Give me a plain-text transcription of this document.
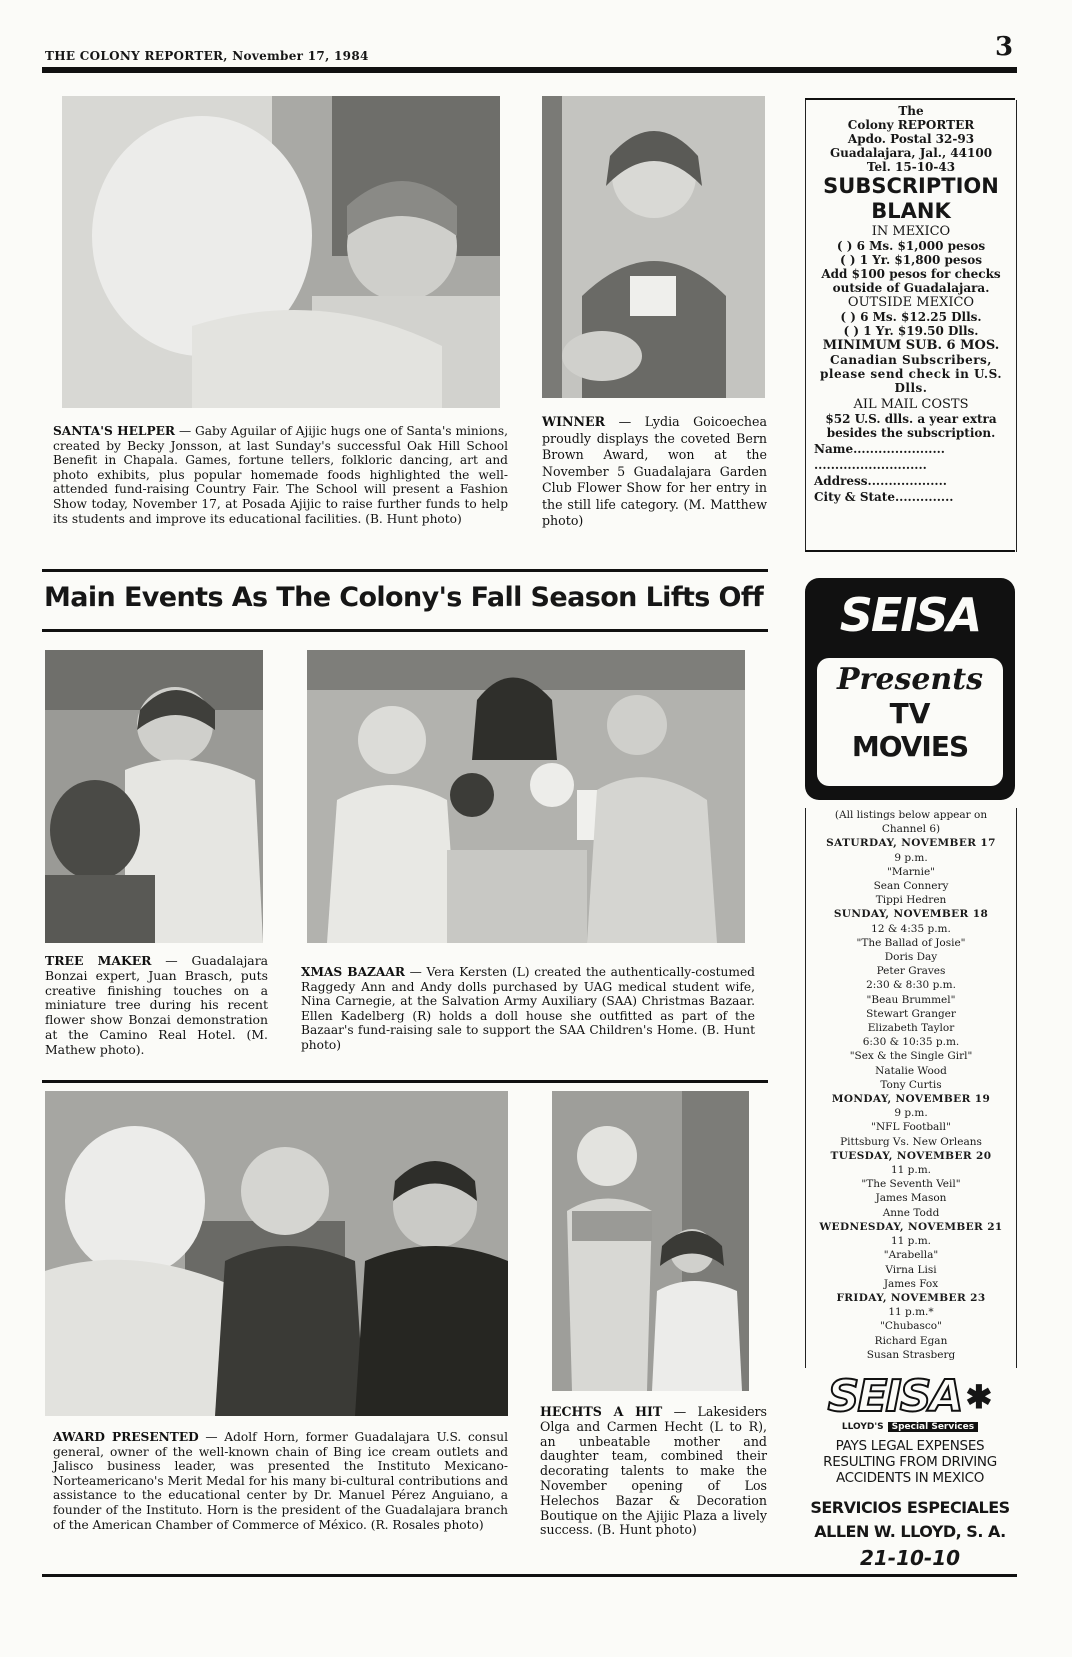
THE COLONY REPORTER, November 17, 1984	3
SANTA'S HELPER — Gaby Aguilar of Ajijic hugs one of Santa's minions, created by Becky Jonsson, at last Sunday's successful Oak Hill School Benefit in Chapala. Games, fortune tellers, folkloric dancing, art and photo exhibits, plus popular homemade foods highlighted the well-attended fund-raising Country Fair. The School will present a Fashion Show today, November 17, at Posada Ajijic to raise further funds to help its students and improve its educational facilities. (B. Hunt photo)
WINNER — Lydia Goicoechea proudly displays the coveted Bern Brown Award, won at the November 5 Guadalajara Garden Club Flower Show for her entry in the still life category. (M. Matthew photo)
Main Events As The Colony's Fall Season Lifts Off
TREE MAKER — Guadalajara Bonzai expert, Juan Brasch, puts creative finishing touches on a miniature tree during his recent flower show Bonzai demonstration at the Camino Real Hotel. (M. Mathew photo).
XMAS BAZAAR — Vera Kersten (L) created the authentically-costumed Raggedy Ann and Andy dolls purchased by UAG medical student wife, Nina Carnegie, at the Salvation Army Auxiliary (SAA) Christmas Bazaar. Ellen Kadelberg (R) holds a doll house she outfitted as part of the Bazaar's fund-raising sale to support the SAA Children's Home. (B. Hunt photo)
AWARD PRESENTED — Adolf Horn, former Guadalajara U.S. consul general, owner of the well-known chain of Bing ice cream outlets and Jalisco business leader, was presented the Instituto Mexicano-Norteamericano's Merit Medal for his many bi-cultural contributions and assistance to the educational center by Dr. Manuel Pérez Anguiano, a founder of the Instituto. Horn is the president of the Guadalajara branch of the American Chamber of Commerce of México. (R. Rosales photo)
HECHTS A HIT — Lakesiders Olga and Carmen Hecht (L to R), an unbeatable mother and daughter team, combined their decorating talents to make the November opening of Los Helechos Bazar & Decoration Boutique on the Ajijic Plaza a lively success. (B. Hunt photo)
The
Colony REPORTER
Apdo. Postal 32-93
Guadalajara, Jal., 44100
Tel. 15-10-43
SUBSCRIPTION
BLANK
IN MEXICO
( ) 6 Ms. $1,000 pesos
( ) 1 Yr. $1,800 pesos
Add $100 pesos for checks outside of Guadalajara.
OUTSIDE MEXICO
( ) 6 Ms. $12.25 Dlls.
( ) 1 Yr. $19.50 Dlls.
MINIMUM SUB. 6 MOS.
Canadian Subscribers, please send check in U.S. Dlls.
AIL MAIL COSTS
$52 U.S. dlls. a year extra besides the subscription.
Name......................
...........................
Address...................
City & State..............
SEISA
Presents
TV
MOVIES
(All listings below appear on
Channel 6)
SATURDAY, NOVEMBER 17
9 p.m.
"Marnie"
Sean Connery
Tippi Hedren
SUNDAY, NOVEMBER 18
12 & 4:35 p.m.
"The Ballad of Josie"
Doris Day
Peter Graves
2:30 & 8:30 p.m.
"Beau Brummel"
Stewart Granger
Elizabeth Taylor
6:30 & 10:35 p.m.
"Sex & the Single Girl"
Natalie Wood
Tony Curtis
MONDAY, NOVEMBER 19
9 p.m.
"NFL Football"
Pittsburg Vs. New Orleans
TUESDAY, NOVEMBER 20
11 p.m.
"The Seventh Veil"
James Mason
Anne Todd
WEDNESDAY, NOVEMBER 21
11 p.m.
"Arabella"
Virna Lisi
James Fox
FRIDAY, NOVEMBER 23
11 p.m.*
"Chubasco"
Richard Egan
Susan Strasberg
SEISA ✱
LLOYD'S Special Services
PAYS LEGAL EXPENSES
RESULTING FROM DRIVING
ACCIDENTS IN MEXICO
SERVICIOS ESPECIALES
ALLEN W. LLOYD, S. A.
21-10-10
